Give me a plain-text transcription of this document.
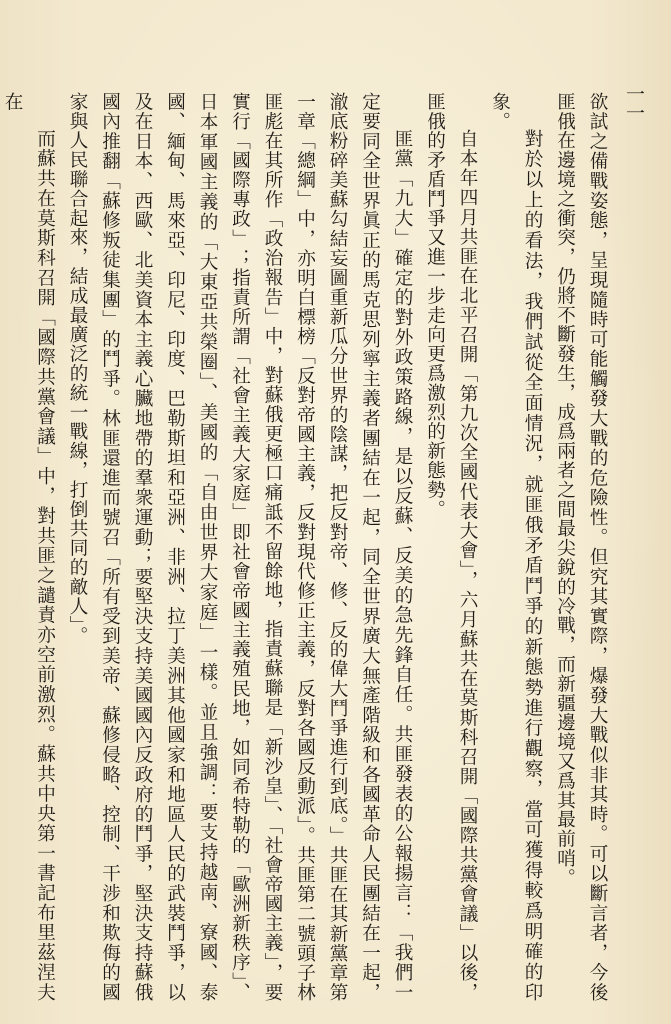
一一

欲試之備戰姿態，呈現隨時可能觸發大戰的危險性。但究其實際，爆發大戰似非其時。可以斷言者，今後匪俄在邊境之衝突，仍將不斷發生，成爲兩者之間最尖銳的冷戰，而新疆邊境又爲其最前哨。

對於以上的看法，我們試從全面情況，就匪俄矛盾鬥爭的新態勢進行觀察，當可獲得較爲明確的印象。

自本年四月共匪在北平召開「第九次全國代表大會」，六月蘇共在莫斯科召開「國際共黨會議」以後，匪俄的矛盾鬥爭又進一步走向更爲激烈的新態勢。

匪黨「九大」確定的對外政策路線，是以反蘇、反美的急先鋒自任。共匪發表的公報揚言：「我們一定要同全世界眞正的馬克思列寧主義者團結在一起，同全世界廣大無產階級和各國革命人民團結在一起，澈底粉碎美蘇勾結妄圖重新瓜分世界的陰謀，把反對帝、修、反的偉大鬥爭進行到底。」共匪在其新黨章第一章「總綱」中，亦明白標榜「反對帝國主義，反對現代修正主義，反對各國反動派」。共匪第二號頭子林匪彪在其所作「政治報告」中，對蘇俄更極口痛詆不留餘地，指責蘇聯是「新沙皇」、「社會帝國主義」，要實行「國際專政」；指責所謂「社會主義大家庭」即社會帝國主義殖民地，如同希特勒的「歐洲新秩序」、日本軍國主義的「大東亞共榮圈」、美國的「自由世界大家庭」一樣。並且強調：要支持越南、寮國、泰國、緬甸、馬來亞、印尼、印度、巴勒斯坦和亞洲、非洲、拉丁美洲其他國家和地區人民的武裝鬥爭，以及在日本、西歐、北美資本主義心臟地帶的羣衆運動；要堅決支持美國國內反政府的鬥爭，堅決支持蘇俄國內推翻「蘇修叛徒集團」的鬥爭。林匪還進而號召「所有受到美帝、蘇修侵略、控制、干涉和欺侮的國家與人民聯合起來，結成最廣泛的統一戰線，打倒共同的敵人」。

而蘇共在莫斯科召開「國際共黨會議」中，對共匪之譴責亦空前激烈。蘇共中央第一書記布里茲涅夫在
